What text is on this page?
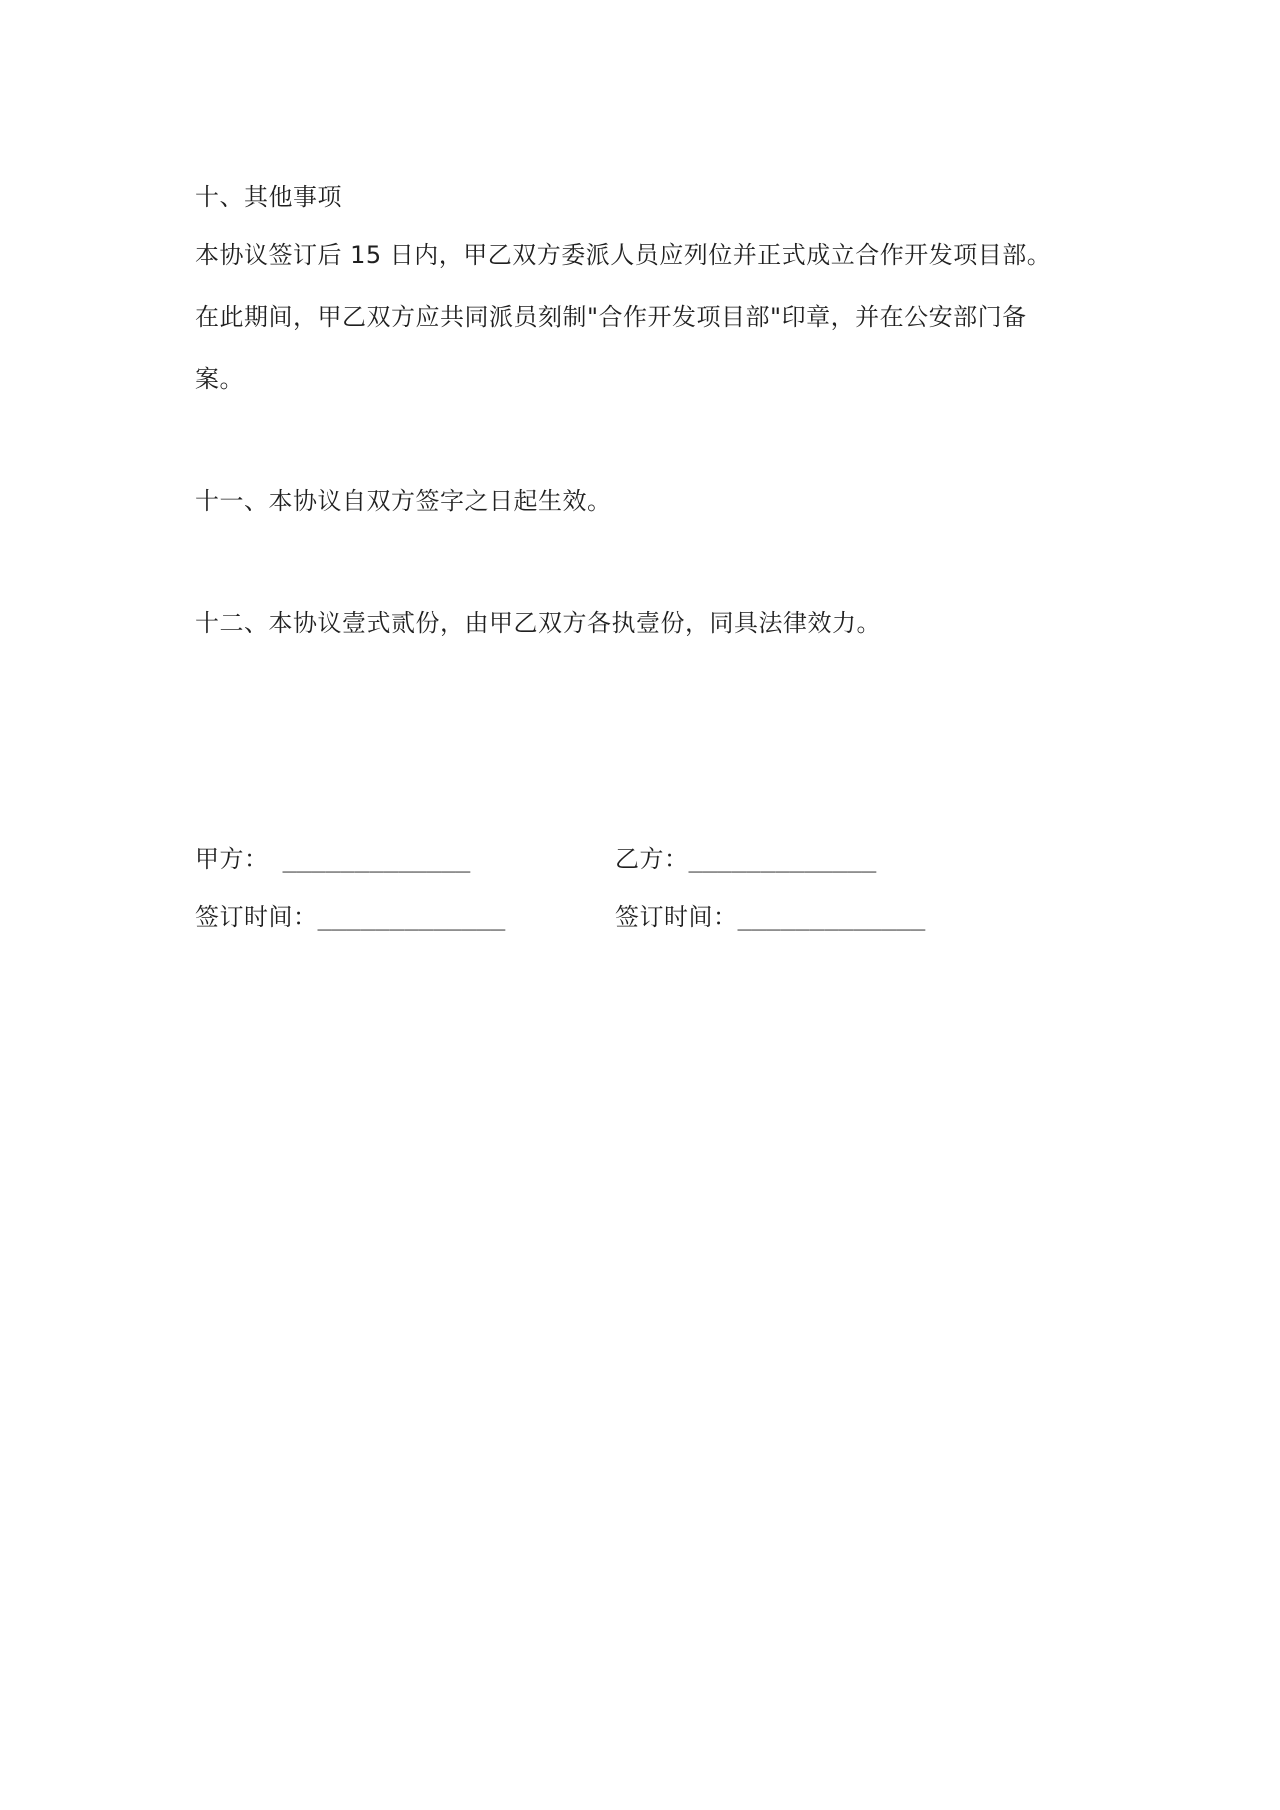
十、其他事项

本协议签订后 15 日内，甲乙双方委派人员应列位并正式成立合作开发项目部。

在此期间，甲乙双方应共同派员刻制"合作开发项目部"印章，并在公安部门备

案。

十一、本协议自双方签字之日起生效。

十二、本协议壹式贰份，由甲乙双方各执壹份，同具法律效力。

甲方： _____________	乙方：_____________
签订时间：_____________	签订时间：_____________
